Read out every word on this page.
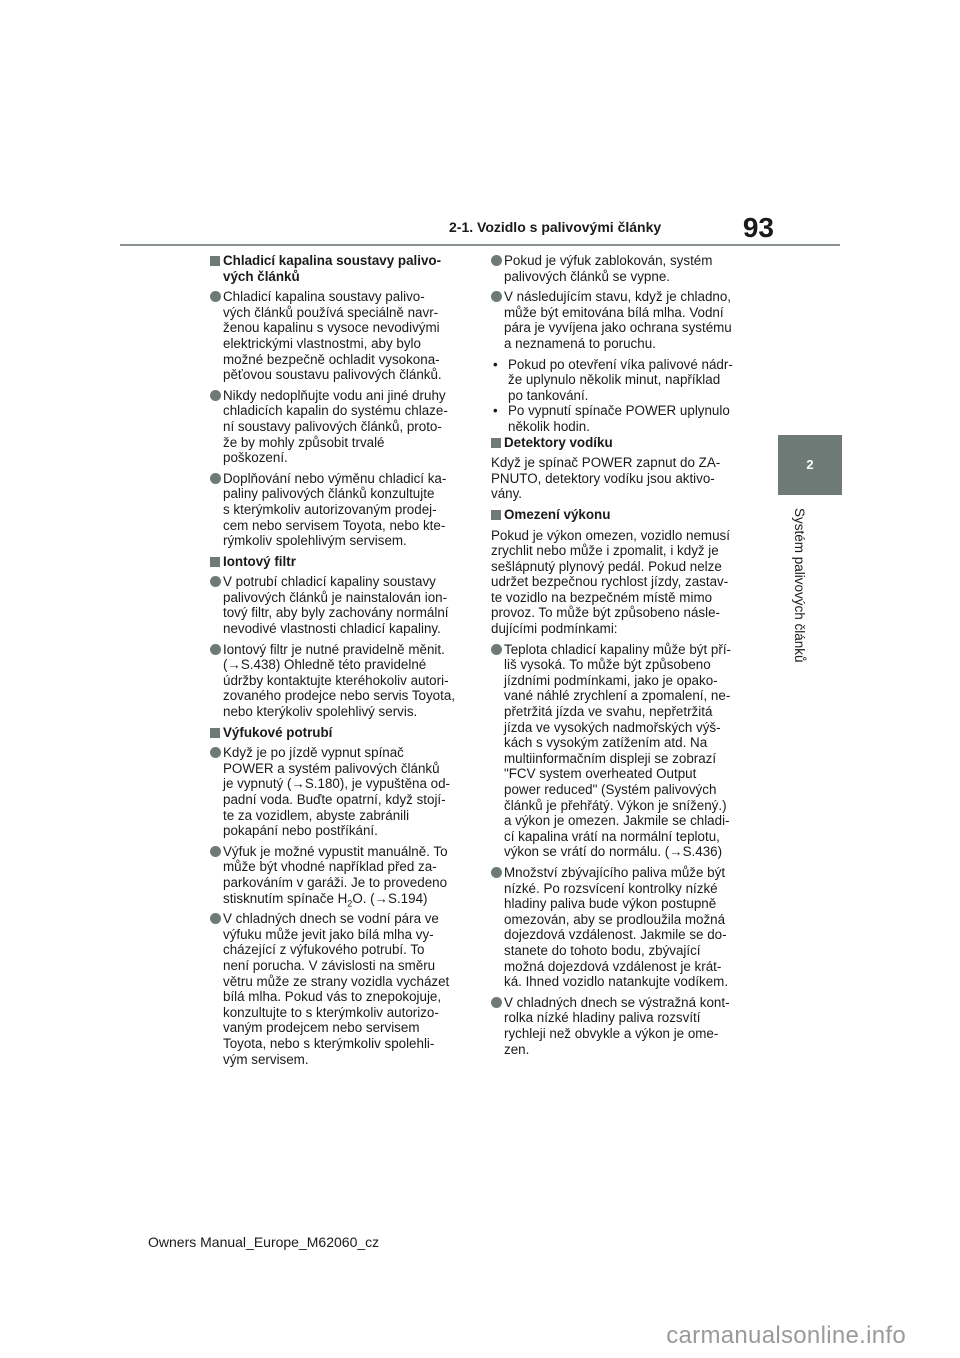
93
2-1. Vozidlo s palivovými články
2
Systém palivových článků
Chladicí kapalina soustavy palivo-
vých článků
Chladicí kapalina soustavy palivo-
vých článků používá speciálně navr-
ženou kapalinu s vysoce nevodivými
elektrickými vlastnostmi, aby bylo
možné bezpečně ochladit vysokona-
pěťovou soustavu palivových článků.
Nikdy nedoplňujte vodu ani jiné druhy
chladicích kapalin do systému chlaze-
ní soustavy palivových článků, proto-
že by mohly způsobit trvalé
poškození.
Doplňování nebo výměnu chladicí ka-
paliny palivových článků konzultujte
s kterýmkoliv autorizovaným prodej-
cem nebo servisem Toyota, nebo kte-
rýmkoliv spolehlivým servisem.
Iontový filtr
V potrubí chladicí kapaliny soustavy
palivových článků je nainstalován ion-
tový filtr, aby byly zachovány normální
nevodivé vlastnosti chladicí kapaliny.
Iontový filtr je nutné pravidelně měnit.
(→S.438) Ohledně této pravidelné
údržby kontaktujte kteréhokoliv autori-
zovaného prodejce nebo servis Toyota,
nebo kterýkoliv spolehlivý servis.
Výfukové potrubí
Když je po jízdě vypnut spínač
POWER a systém palivových článků
je vypnutý (→S.180), je vypuštěna od-
padní voda. Buďte opatrní, když stojí-
te za vozidlem, abyste zabránili
pokapání nebo postříkání.
Výfuk je možné vypustit manuálně. To
může být vhodné například před za-
parkováním v garáži. Je to provedeno
stisknutím spínače $H_2O$. (→S.194)
V chladných dnech se vodní pára ve
výfuku může jevit jako bílá mlha vy-
cházející z výfukového potrubí. To
není porucha. V závislosti na směru
větru může ze strany vozidla vycházet
bílá mlha. Pokud vás to znepokojuje,
konzultujte to s kterýmkoliv autorizo-
vaným prodejcem nebo servisem
Toyota, nebo s kterýmkoliv spolehli-
vým servisem.
Pokud je výfuk zablokován, systém
palivových článků se vypne.
V následujícím stavu, když je chladno,
může být emitována bílá mlha. Vodní
pára je vyvíjena jako ochrana systému
a neznamená to poruchu.
• Pokud po otevření víka palivové nádr-
že uplynulo několik minut, například
po tankování.
• Po vypnutí spínače POWER uplynulo
několik hodin.
Detektory vodíku
Když je spínač POWER zapnut do ZA-
PNUTO, detektory vodíku jsou aktivo-
vány.
Omezení výkonu
Pokud je výkon omezen, vozidlo nemusí
zrychlit nebo může i zpomalit, i když je
sešlápnutý plynový pedál. Pokud nelze
udržet bezpečnou rychlost jízdy, zastav-
te vozidlo na bezpečném místě mimo
provoz. To může být způsobeno násle-
dujícími podmínkami:
Teplota chladicí kapaliny může být pří-
liš vysoká. To může být způsobeno
jízdními podmínkami, jako je opako-
vané náhlé zrychlení a zpomalení, ne-
přetržitá jízda ve svahu, nepřetržitá
jízda ve vysokých nadmořských výš-
kách s vysokým zatížením atd. Na
multiinformačním displeji se zobrazí
"FCV system overheated Output
power reduced" (Systém palivových
článků je přehřátý. Výkon je snížený.)
a výkon je omezen. Jakmile se chladi-
cí kapalina vrátí na normální teplotu,
výkon se vrátí do normálu. (→S.436)
Množství zbývajícího paliva může být
nízké. Po rozsvícení kontrolky nízké
hladiny paliva bude výkon postupně
omezován, aby se prodloužila možná
dojezdová vzdálenost. Jakmile se do-
stanete do tohoto bodu, zbývající
možná dojezdová vzdálenost je krát-
ká. Ihned vozidlo natankujte vodíkem.
V chladných dnech se výstražná kont-
rolka nízké hladiny paliva rozsvítí
rychleji než obvykle a výkon je ome-
zen.
Owners Manual_Europe_M62060_cz
carmanualsonline.info
